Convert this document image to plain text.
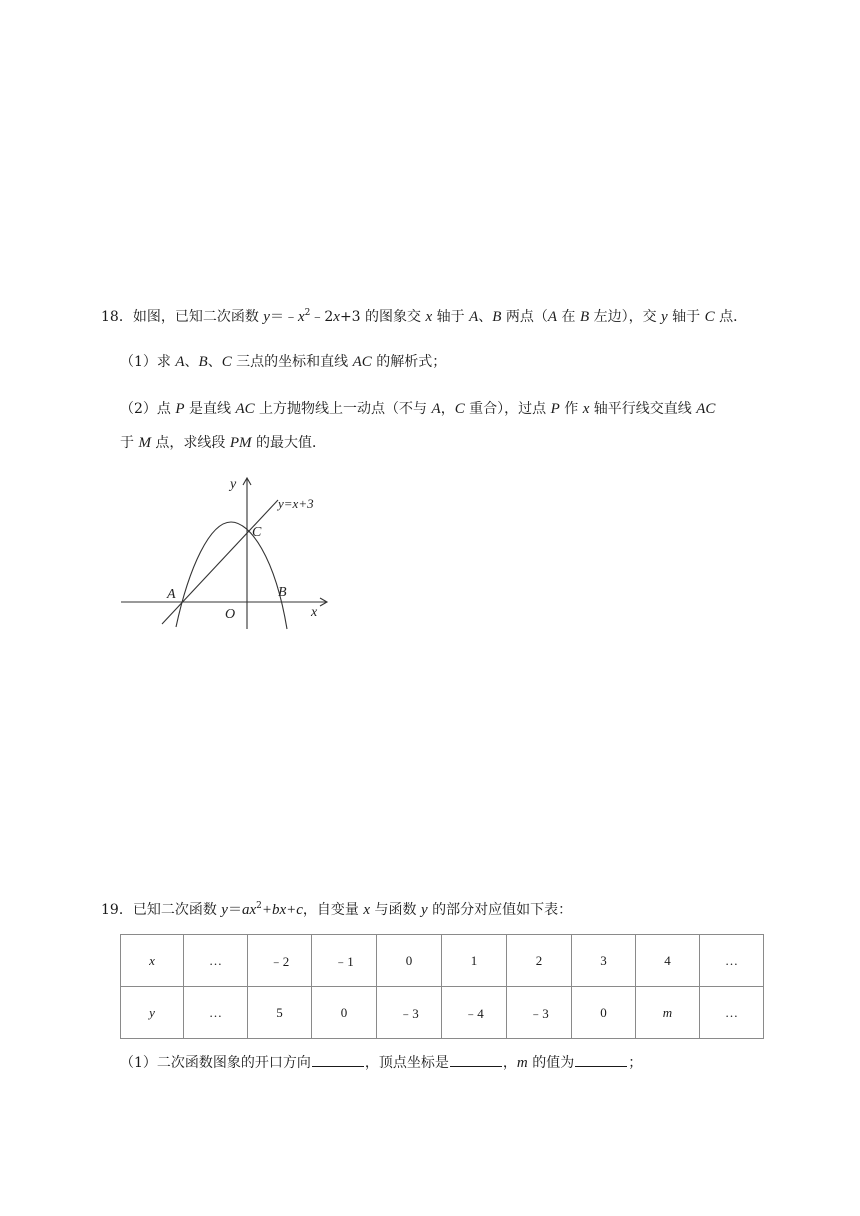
18．如图，已知二次函数 $y=﹣x^2﹣2x+3$ 的图象交 x 轴于 A、B 两点（A 在 B 左边），交 y 轴于 C 点．
（1）求 A、B、C 三点的坐标和直线 AC 的解析式；
（2）点 P 是直线 AC 上方抛物线上一动点（不与 A，C 重合），过点 P 作 x 轴平行线交直线 AC
于 M 点，求线段 PM 的最大值．
y
x
y=x+3
A	B
C
O
19．已知二次函数 $y=ax^2+bx+c$，自变量 x 与函数 y 的部分对应值如下表：
x	…	﹣2	﹣1	0	1	2	3	4	…
y	…	5	0	﹣3	﹣4	﹣3	0	m	…
（1）二次函数图象的开口方向	，顶点坐标是	，m 的值为	；
